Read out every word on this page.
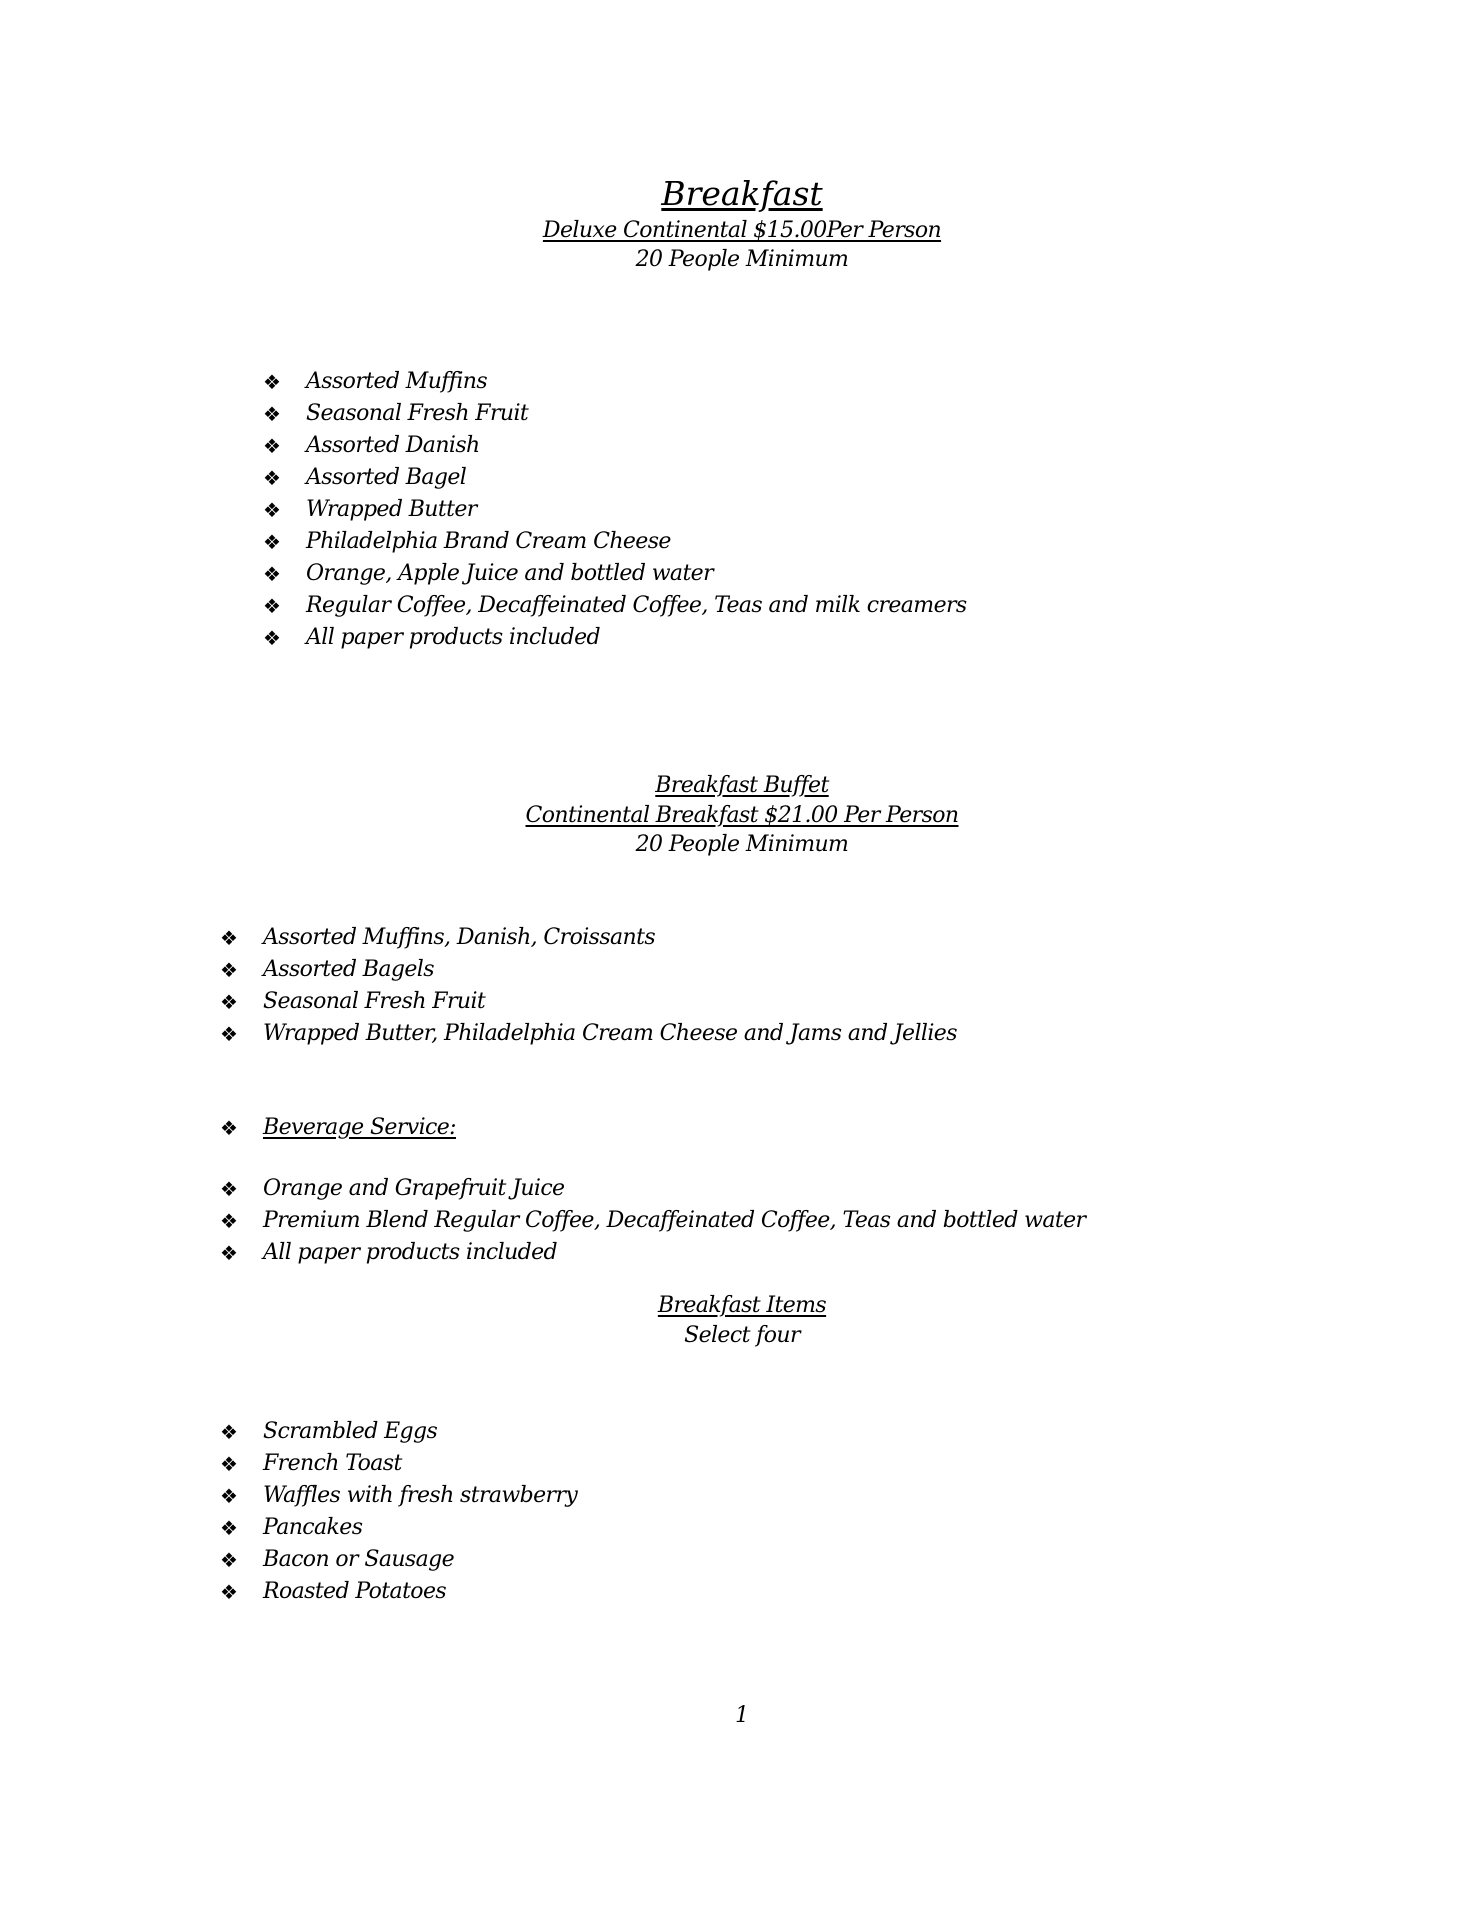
Breakfast
Deluxe Continental $15.00Per Person
20 People Minimum
❖ Assorted Muffins
❖ Seasonal Fresh Fruit
❖ Assorted Danish
❖ Assorted Bagel
❖ Wrapped Butter
❖ Philadelphia Brand Cream Cheese
❖ Orange, Apple Juice and bottled water
❖ Regular Coffee, Decaffeinated Coffee, Teas and milk creamers
❖ All paper products included
Breakfast Buffet
Continental Breakfast $21.00 Per Person
20 People Minimum
❖ Assorted Muffins, Danish, Croissants
❖ Assorted Bagels
❖ Seasonal Fresh Fruit
❖ Wrapped Butter, Philadelphia Cream Cheese and Jams and Jellies
❖ Beverage Service:
❖ Orange and Grapefruit Juice
❖ Premium Blend Regular Coffee, Decaffeinated Coffee, Teas and bottled water
❖ All paper products included
Breakfast Items
Select four
❖ Scrambled Eggs
❖ French Toast
❖ Waffles with fresh strawberry
❖ Pancakes
❖ Bacon or Sausage
❖ Roasted Potatoes
1
